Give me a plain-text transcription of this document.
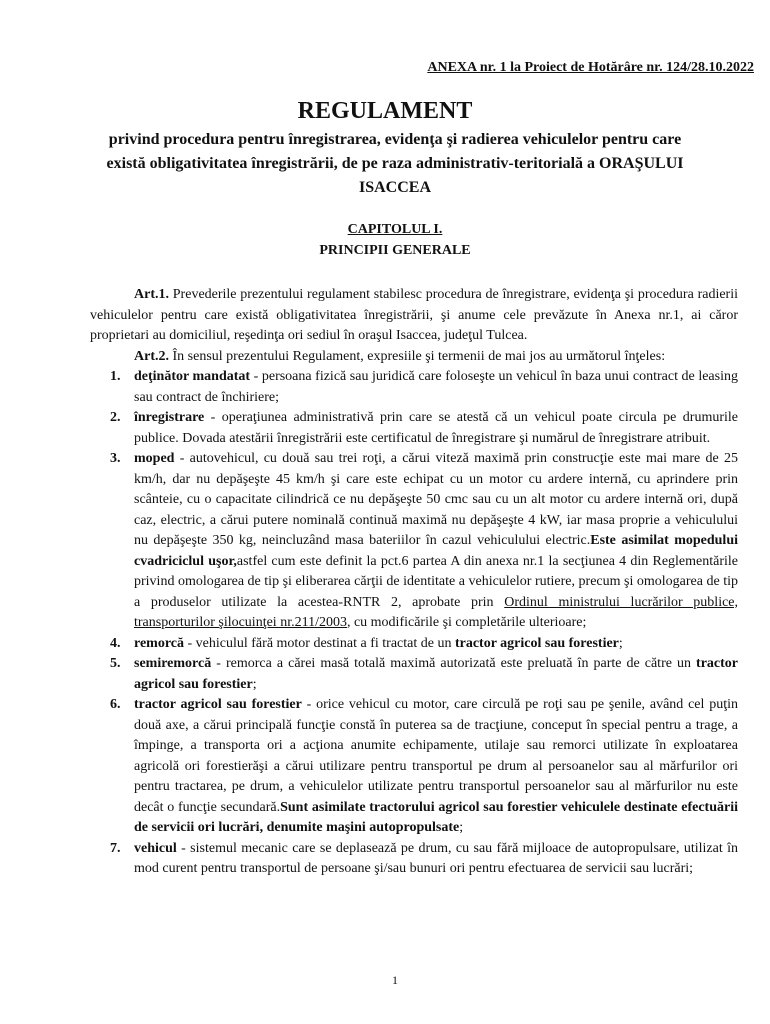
ANEXA nr. 1 la Proiect de Hotărâre nr. 124/28.10.2022
REGULAMENT
privind procedura pentru înregistrarea, evidenţa şi radierea vehiculelor pentru care există obligativitatea înregistrării, de pe raza administrativ-teritorială a ORAŞULUI ISACCEA
CAPITOLUL I.
PRINCIPII GENERALE

Art.1. Prevederile prezentului regulament stabilesc procedura de înregistrare, evidenţa şi procedura radierii vehiculelor pentru care există obligativitatea înregistrării, şi anume cele prevăzute în Anexa nr.1, ai căror proprietari au domiciliul, reşedinţa ori sediul în oraşul Isaccea, judeţul Tulcea.

Art.2. În sensul prezentului Regulament, expresiile şi termenii de mai jos au următorul înţeles:

1. deţinător mandatat - persoana fizică sau juridică care foloseşte un vehicul în baza unui contract de leasing sau contract de închiriere;
2. înregistrare - operaţiunea administrativă prin care se atestă că un vehicul poate circula pe drumurile publice. Dovada atestării înregistrării este certificatul de înregistrare şi numărul de înregistrare atribuit.
3. moped - autovehicul, cu două sau trei roţi, a cărui viteză maximă prin construcţie este mai mare de 25 km/h, dar nu depăşeşte 45 km/h şi care este echipat cu un motor cu ardere internă, cu aprindere prin scânteie, cu o capacitate cilindrică ce nu depăşeşte 50 cmc sau cu un alt motor cu ardere internă ori, după caz, electric, a cărui putere nominală continuă maximă nu depăşeşte 4 kW, iar masa proprie a vehiculului nu depăşeşte 350 kg, neincluzând masa bateriilor în cazul vehiculului electric.Este asimilat mopedului cvadriciclul uşor,astfel cum este definit la pct.6 partea A din anexa nr.1 la secţiunea 4 din Reglementările privind omologarea de tip şi eliberarea cărţii de identitate a vehiculelor rutiere, precum şi omologarea de tip a produselor utilizate la acestea-RNTR 2, aprobate prin Ordinul ministrului lucrărilor publice, transporturilor şilocuinţei nr.211/2003, cu modificările şi completările ulterioare;
4. remorcă - vehiculul fără motor destinat a fi tractat de un tractor agricol sau forestier;
5. semiremorcă - remorca a cărei masă totală maximă autorizată este preluată în parte de către un tractor agricol sau forestier;
6. tractor agricol sau forestier - orice vehicul cu motor, care circulă pe roţi sau pe şenile, având cel puţin două axe, a cărui principală funcţie constă în puterea sa de tracţiune, conceput în special pentru a trage, a împinge, a transporta ori a acţiona anumite echipamente, utilaje sau remorci utilizate în exploatarea agricolă ori forestierăşi a cărui utilizare pentru transportul pe drum al persoanelor sau al mărfurilor ori pentru tractarea, pe drum, a vehiculelor utilizate pentru transportul persoanelor sau al mărfurilor nu este decât o funcţie secundară.Sunt asimilate tractorului agricol sau forestier vehiculele destinate efectuării de servicii ori lucrări, denumite maşini autopropulsate;
7. vehicul - sistemul mecanic care se deplasează pe drum, cu sau fără mijloace de autopropulsare, utilizat în mod curent pentru transportul de persoane şi/sau bunuri ori pentru efectuarea de servicii sau lucrări;
1
